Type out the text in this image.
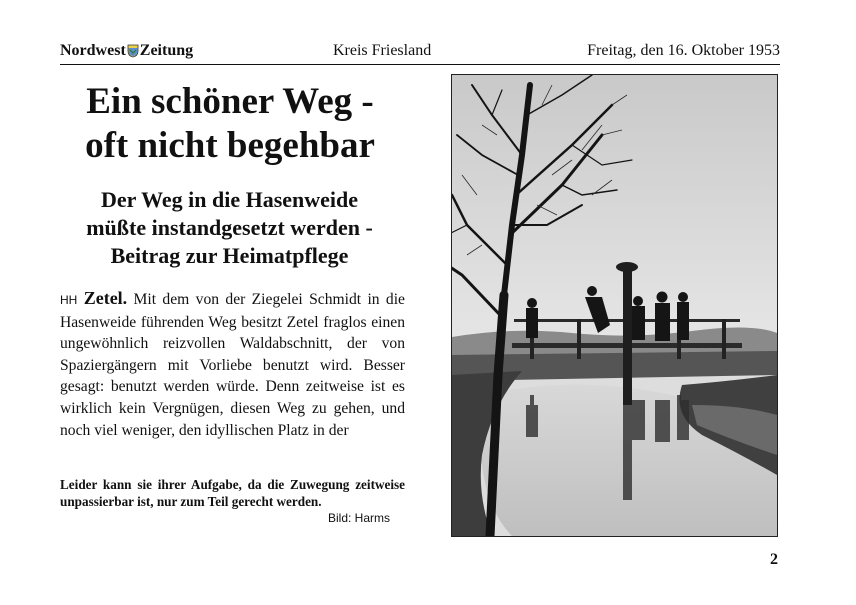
Nordwest Zeitung	Kreis Friesland	Freitag, den 16. Oktober 1953
Ein schöner Weg -
oft nicht begehbar
Der Weg in die Hasenweide
müßte instandgesetzt werden -
Beitrag zur Heimatpflege

HH Zetel. Mit dem von der Ziegelei Schmidt in die Hasenweide führenden Weg besitzt Zetel fraglos einen ungewöhnlich reizvollen Waldabschnitt, der von Spaziergängern mit Vorliebe benutzt wird. Besser gesagt: benutzt werden würde. Denn zeitweise ist es wirklich kein Vergnügen, diesen Weg zu gehen, und noch viel weniger, den idyllischen Platz in der

Leider kann sie ihrer Aufgabe, da die Zuwegung zeitweise unpassierbar ist, nur zum Teil gerecht werden.

Bild: Harms
2
